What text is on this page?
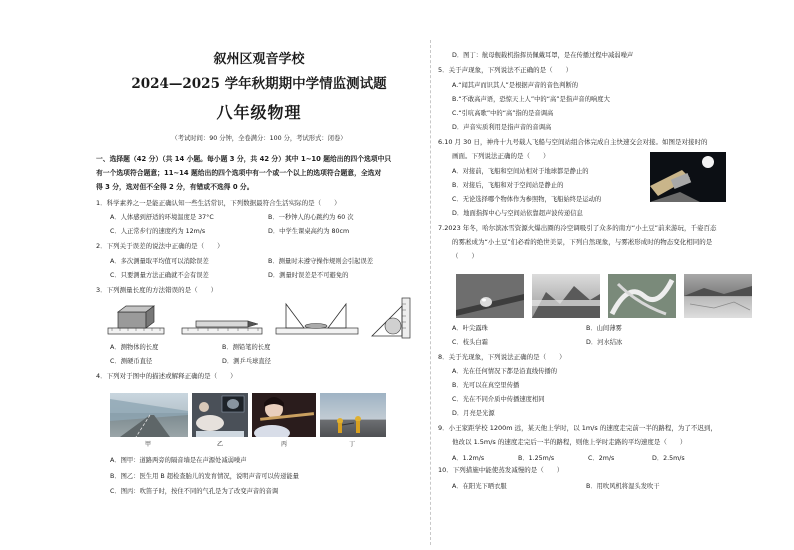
叙州区观音学校
2024—2025 学年秋期期中学情监测试题
八年级物理
（考试时间：90 分钟，全卷满分：100 分，考试形式：闭卷）
一、选择题（42 分）（共 14 小题。每小题 3 分，共 42 分）其中 1~10 题给出的四个选项中只
有一个选项符合题意；11~14 题给出的四个选项中有一个或一个以上的选项符合题意，全选对
得 3 分，选对但不全得 2 分，有错或不选得 0 分。
1．科学素养之一是能正确认知一些生活常识，下列数据最符合生活实际的是（　　）
A．人体感到舒适的环境温度是 37°C	B．一秒钟人的心跳约为 60 次
C．人正常步行的速度约为 12m/s	D．中学生课桌高约为 80cm
2．下列关于误差的说法中正确的是（　　）
A．多次测量取平均值可以消除误差	B．测量时未遵守操作规则会引起误差
C．只要测量方法正确就不会有误差	D．测量时误差是不可避免的
3．下列测量长度的方法错误的是（　　）
A．测物体的长度	B．测铅笔的长度
C．测硬币直径	D．测乒乓球直径
4．下列对于图中的描述或解释正确的是（　　）
甲	乙	丙	丁
A．图甲：道路两旁的隔音墙是在声源处减弱噪声
B．图乙：医生用 B 超检查胎儿的发育情况，说明声音可以传递能量
C．图丙：吹笛子时，按住不同的气孔是为了改变声音的音调
D．图丁：航母舰载机指挥员佩戴耳罩，是在传播过程中减弱噪声
5．关于声现象，下列说法不正确的是（　　）
A.“闻其声而识其人”是根据声音的音色判断的
B.“不敢高声语，恐惊天上人”中的“高”是指声音的响度大
C.“引吭高歌”中的“高”指的是音调高
D．声音实质利用是指声音的音调高
6.10 月 30 日，神舟十九号载人飞船与空间站组合体完成自主快速交会对接。如图是对接时的
画面。下列说法正确的是（　　）
A．对接前，飞船和空间站相对于地球都是静止的
B．对接后，飞船和对于空间站是静止的
C．无论选择哪个物体作为参照物，飞船始终是运动的
D．地面指挥中心与空间站依靠超声波传递信息
7.2023 年冬，哈尔滨冰雪资源火爆出圈的冷空调吸引了众多的南方“小土豆”前来游玩，千姿百态
的雾凇成为“小土豆”们必看的绝世美景，下列自然现象，与雾凇形成时的物态变化相同的是
（　　）
A．叶尖露珠	B．山间薄雾
C．枝头白霜	D．河水结冰
8．关于光现象，下列说法正确的是（　　）
A．光在任何情况下都是沿直线传播的
B．光可以在真空里传播
C．光在不同介质中传播速度相同
D．月亮是光源
9．小王家距学校 1200m 远，某天他上学时，以 1m/s 的速度走完前一半的路程，为了不迟到，
他改以 1.5m/s 的速度走完后一半的路程，则他上学时走路的平均速度是（　　）
A．1.2m/s	B．1.25m/s	C．2m/s	D．2.5m/s
10．下列措施中能使蒸发减慢的是（　　）
A．在阳光下晒衣服	B．用吹风机将湿头发吹干
